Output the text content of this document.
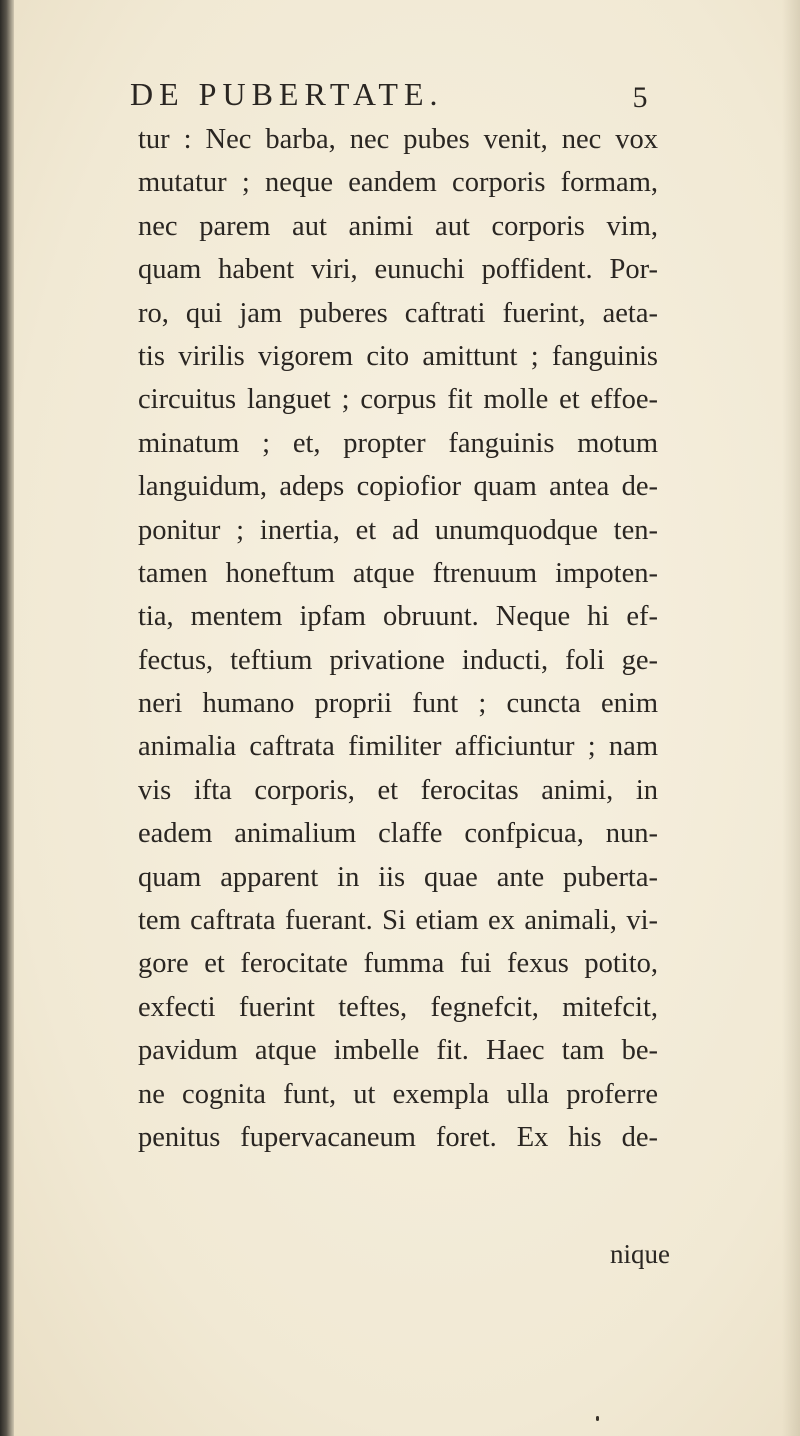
DE PUBERTATE.	5
tur : Nec barba, nec pubes venit, nec vox
mutatur ; neque eandem corporis formam,
nec parem aut animi aut corporis vim,
quam habent viri, eunuchi poffident. Por-
ro, qui jam puberes caftrati fuerint, aeta-
tis virilis vigorem cito amittunt ; fanguinis
circuitus languet ; corpus fit molle et effoe-
minatum ; et, propter fanguinis motum
languidum, adeps copiofior quam antea de-
ponitur ; inertia, et ad unumquodque ten-
tamen honeftum atque ftrenuum impoten-
tia, mentem ipfam obruunt. Neque hi ef-
fectus, teftium privatione inducti, foli ge-
neri humano proprii funt ; cuncta enim
animalia caftrata fimiliter afficiuntur ; nam
vis ifta corporis, et ferocitas animi, in
eadem animalium claffe confpicua, nun-
quam apparent in iis quae ante puberta-
tem caftrata fuerant. Si etiam ex animali, vi-
gore et ferocitate fumma fui fexus potito,
exfecti fuerint teftes, fegnefcit, mitefcit,
pavidum atque imbelle fit. Haec tam be-
ne cognita funt, ut exempla ulla proferre
penitus fupervacaneum foret. Ex his de-
nique
